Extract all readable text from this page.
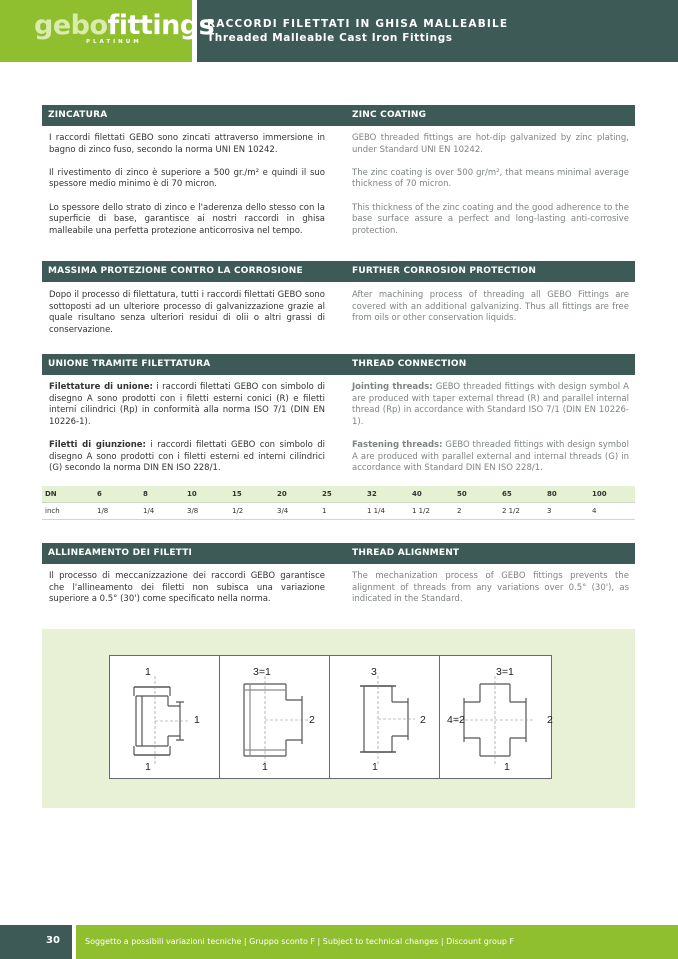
gebofittings
PLATINUM
RACCORDI FILETTATI IN GHISA MALLEABILE
Threaded Malleable Cast Iron Fittings
ZINCATURA	ZINC COATING

I raccordi filettati GEBO sono zincati attraverso immersione in bagno di zinco fuso, secondo la norma UNI EN 10242.

Il rivestimento di zinco è superiore a 500 gr./m² e quindi il suo spessore medio minimo è di 70 micron.

Lo spessore dello strato di zinco e l'aderenza dello stesso con la superficie di base, garantisce ai nostri raccordi in ghisa malleabile una perfetta protezione anticorrosiva nel tempo.

GEBO threaded fittings are hot-dip galvanized by zinc plating, under Standard UNI EN 10242.

The zinc coating is over 500 gr/m², that means minimal average thickness of 70 micron.

This thickness of the zinc coating and the good adherence to the base surface assure a perfect and long-lasting anti-corrosive protection.

MASSIMA PROTEZIONE CONTRO LA CORROSIONE	FURTHER CORROSION PROTECTION

Dopo il processo di filettatura, tutti i raccordi filettati GEBO sono sottoposti ad un ulteriore processo di galvanizzazione grazie al quale risultano senza ulteriori residui di olii o altri grassi di conservazione.

After machining process of threading all GEBO Fittings are covered with an additional galvanizing. Thus all fittings are free from oils or other conservation liquids.

UNIONE TRAMITE FILETTATURA	THREAD CONNECTION

Filettature di unione: i raccordi filettati GEBO con simbolo di disegno A sono prodotti con i filetti esterni conici (R) e filetti interni cilindrici (Rp) in conformità alla norma ISO 7/1 (DIN EN 10226-1).

Filetti di giunzione: i raccordi filettati GEBO con simbolo di disegno A sono prodotti con i filetti esterni ed interni cilindrici (G) secondo la norma DIN EN ISO 228/1.

Jointing threads: GEBO threaded fittings with design symbol A are produced with taper external thread (R) and parallel internal thread (Rp) in accordance with Standard ISO 7/1 (DIN EN 10226-1).

Fastening threads: GEBO threaded fittings with design symbol A are produced with parallel external and internal threads (G) in accordance with Standard DIN EN ISO 228/1.

DN	6	8	10	15	20	25	32	40	50	65	80	100
inch	1/8	1/4	3/8	1/2	3/4	1	1 1/4	1 1/2	2	2 1/2	3	4
ALLINEAMENTO DEI FILETTI	THREAD ALIGNMENT

Il processo di meccanizzazione dei raccordi GEBO garantisce che l'allineamento dei filetti non subisca una variazione superiore a 0.5° (30') come specificato nella norma.

The mechanization process of GEBO fittings prevents the alignment of threads from any variations over 0.5° (30'), as indicated in the Standard.

1
1
1
3=1
2
1
3
2
1
3=1
4=2	2
1
30	Soggetto a possibili variazioni tecniche | Gruppo sconto F | Subject to technical changes | Discount group F
